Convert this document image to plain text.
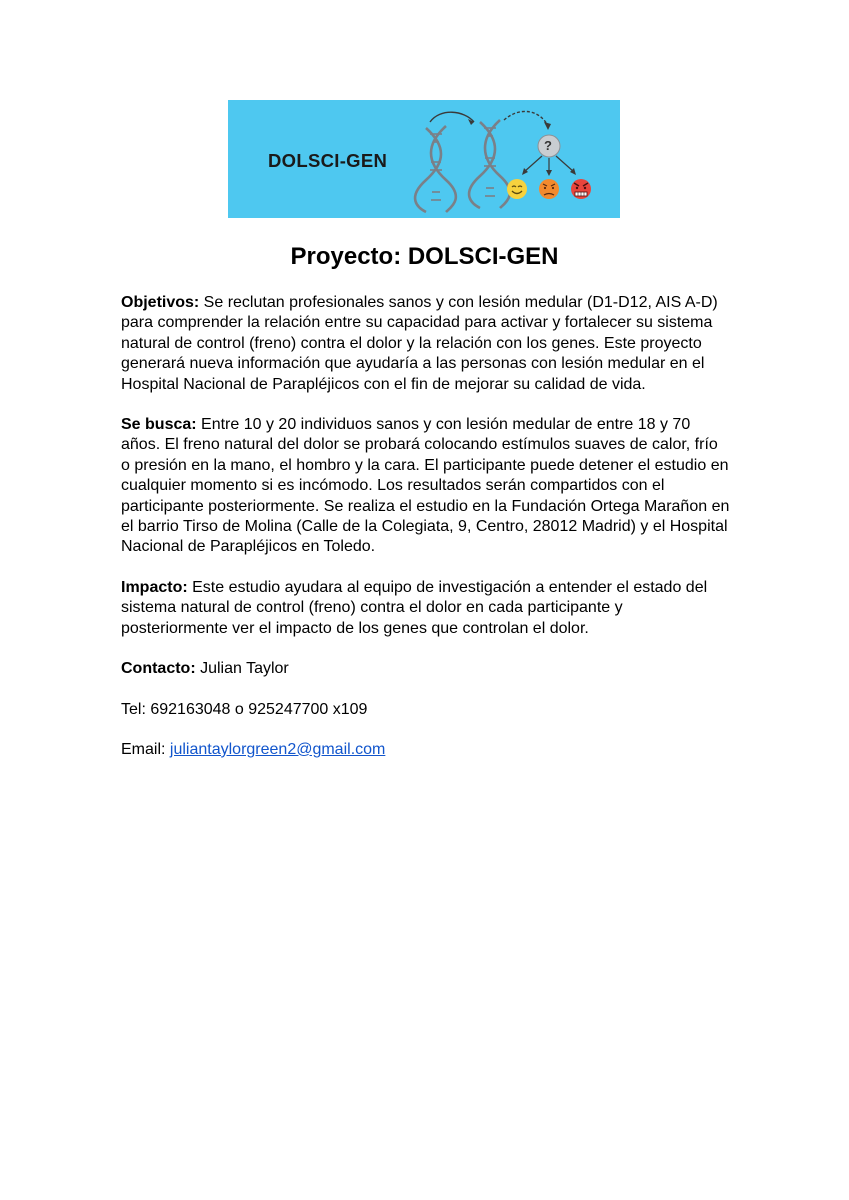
DOLSCI-GEN
?
Proyecto: DOLSCI-GEN

Objetivos: Se reclutan profesionales sanos y con lesión medular (D1-D12, AIS A-D) para comprender la relación entre su capacidad para activar y fortalecer su sistema natural de control (freno) contra el dolor y la relación con los genes. Este proyecto generará nueva información que ayudaría a las personas con lesión medular en el Hospital Nacional de Parapléjicos con el fin de mejorar su calidad de vida.

Se busca: Entre 10 y 20 individuos sanos y con lesión medular de entre 18 y 70 años. El freno natural del dolor se probará colocando estímulos suaves de calor, frío o presión en la mano, el hombro y la cara. El participante puede detener el estudio en cualquier momento si es incómodo. Los resultados serán compartidos con el participante posteriormente. Se realiza el estudio en la Fundación Ortega Marañon en el barrio Tirso de Molina (Calle de la Colegiata, 9, Centro, 28012 Madrid) y el Hospital Nacional de Parapléjicos en Toledo.

Impacto: Este estudio ayudara al equipo de investigación a entender el estado del sistema natural de control (freno) contra el dolor en cada participante y posteriormente ver el impacto de los genes que controlan el dolor.

Contacto: Julian Taylor

Tel: 692163048 o 925247700 x109

Email: juliantaylorgreen2@gmail.com
